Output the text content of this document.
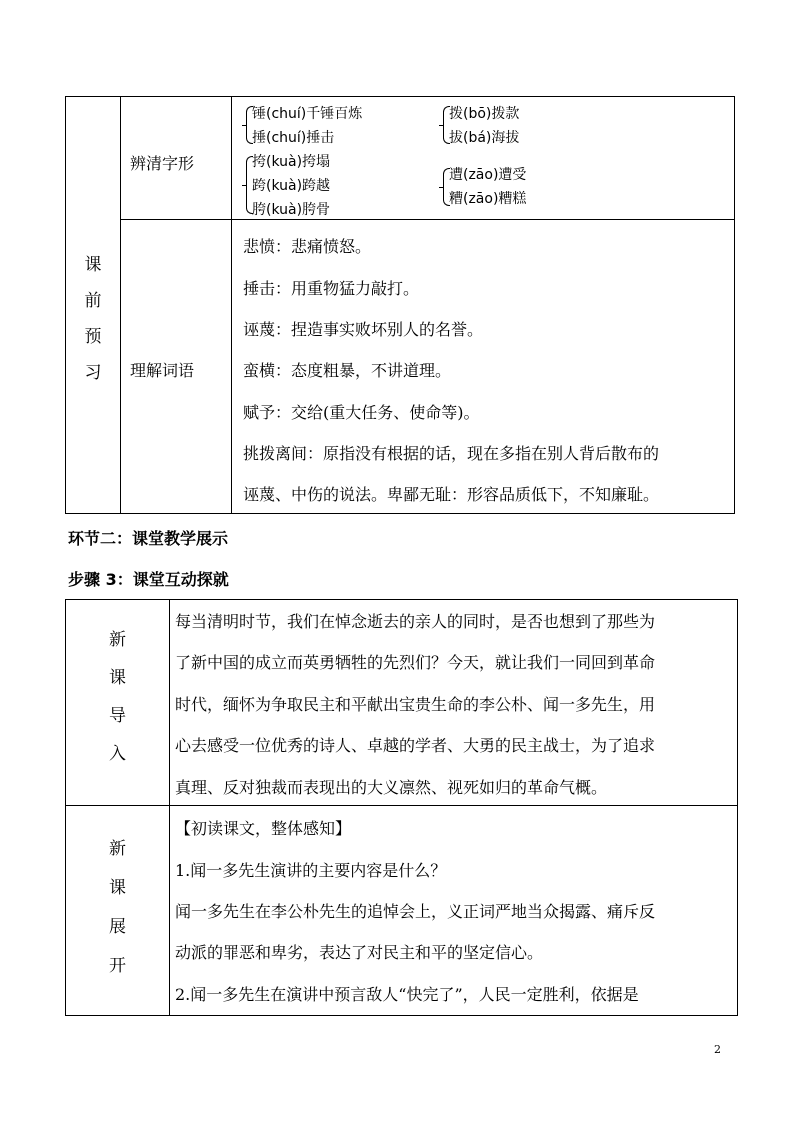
课
前
预
习
辨清字形
理解词语
锤(chuí)千锤百炼
捶(chuí)捶击
挎(kuà)挎塌
跨(kuà)跨越
胯(kuà)胯骨
拨(bō)拨款
拔(bá)海拔
遭(zāo)遭受
糟(zāo)糟糕
悲愤：悲痛愤怒。
捶击：用重物猛力敲打。
诬蔑：捏造事实败坏别人的名誉。
蛮横：态度粗暴，不讲道理。
赋予：交给(重大任务、使命等)。
挑拨离间：原指没有根据的话，现在多指在别人背后散布的
诬蔑、中伤的说法。卑鄙无耻：形容品质低下，不知廉耻。
环节二：课堂教学展示
步骤 3：课堂互动探就
新
课
导
入
新
课
展
开
每当清明时节，我们在悼念逝去的亲人的同时，是否也想到了那些为
了新中国的成立而英勇牺牲的先烈们？今天，就让我们一同回到革命
时代，缅怀为争取民主和平献出宝贵生命的李公朴、闻一多先生，用
心去感受一位优秀的诗人、卓越的学者、大勇的民主战士，为了追求
真理、反对独裁而表现出的大义凛然、视死如归的革命气概。
【初读课文，整体感知】
1.闻一多先生演讲的主要内容是什么？
闻一多先生在李公朴先生的追悼会上，义正词严地当众揭露、痛斥反
动派的罪恶和卑劣，表达了对民主和平的坚定信心。
2.闻一多先生在演讲中预言敌人“快完了”，人民一定胜利，依据是
2
